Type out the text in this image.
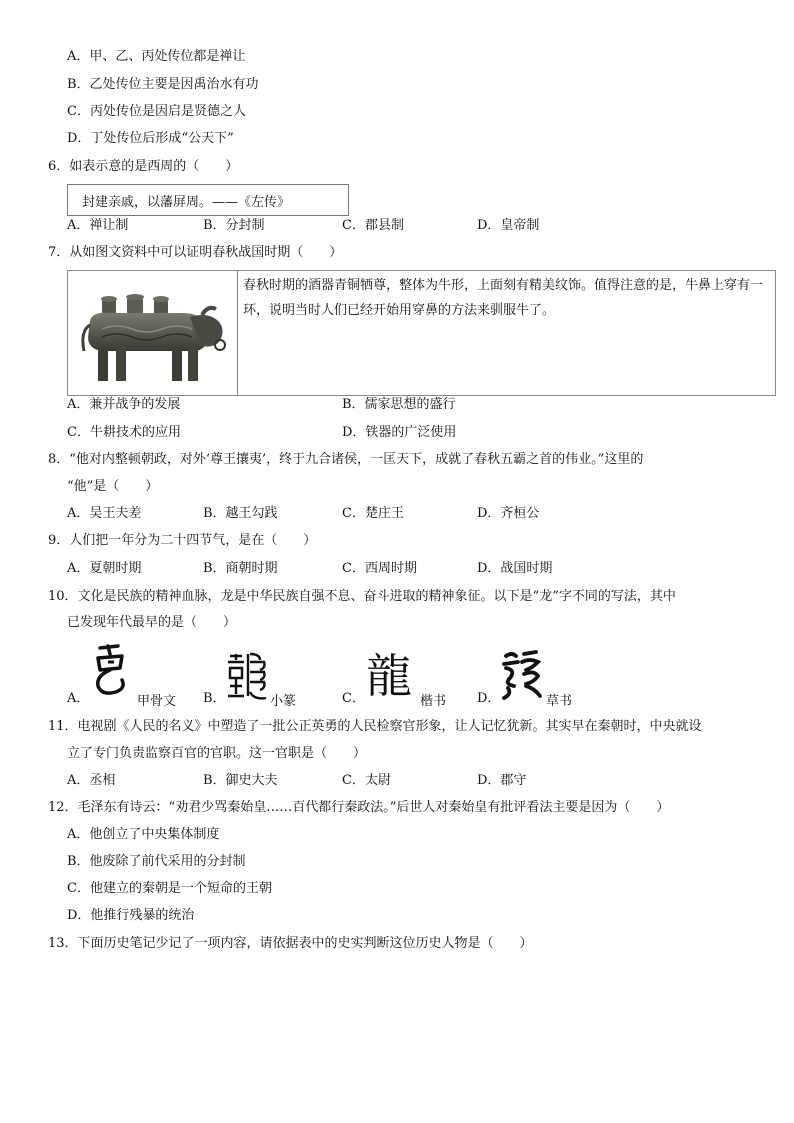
A．甲、乙、丙处传位都是禅让
B．乙处传位主要是因禹治水有功
C．丙处传位是因启是贤德之人
D．丁处传位后形成“公天下”
6．如表示意的是西周的（　　）
封建亲戚，以藩屏周。——《左传》
A．禅让制	B．分封制	C．郡县制	D．皇帝制
7．从如图文资料中可以证明春秋战国时期（　　）
春秋时期的酒器青铜牺尊，整体为牛形，上面刻有精美纹饰。值得注意的是，牛鼻上穿有一环，说明当时人们已经开始用穿鼻的方法来驯服牛了。
A．兼并战争的发展	B．儒家思想的盛行
C．牛耕技术的应用	D．铁器的广泛使用
8．“他对内整顿朝政，对外‘尊王攘夷’，终于九合诸侯，一匡天下，成就了春秋五霸之首的伟业。”这里的
“他”是（　　）
A．吴王夫差	B．越王勾践	C．楚庄王	D．齐桓公
9．人们把一年分为二十四节气，是在（　　）
A．夏朝时期	B．商朝时期	C．西周时期	D．战国时期
10．文化是民族的精神血脉，龙是中华民族自强不息、奋斗进取的精神象征。以下是“龙”字不同的写法，其中
已发现年代最早的是（　　）
A．	甲骨文 B．	小篆	C． 龍 楷书 D．	草书
11．电视剧《人民的名义》中塑造了一批公正英勇的人民检察官形象，让人记忆犹新。其实早在秦朝时，中央就设
立了专门负责监察百官的官职。这一官职是（　　）
A．丞相	B．御史大夫	C．太尉	D．郡守
12．毛泽东有诗云：“劝君少骂秦始皇……百代都行秦政法。”后世人对秦始皇有批评看法主要是因为（　　）
A．他创立了中央集体制度
B．他废除了前代采用的分封制
C．他建立的秦朝是一个短命的王朝
D．他推行残暴的统治
13．下面历史笔记少记了一项内容，请依据表中的史实判断这位历史人物是（　　）
